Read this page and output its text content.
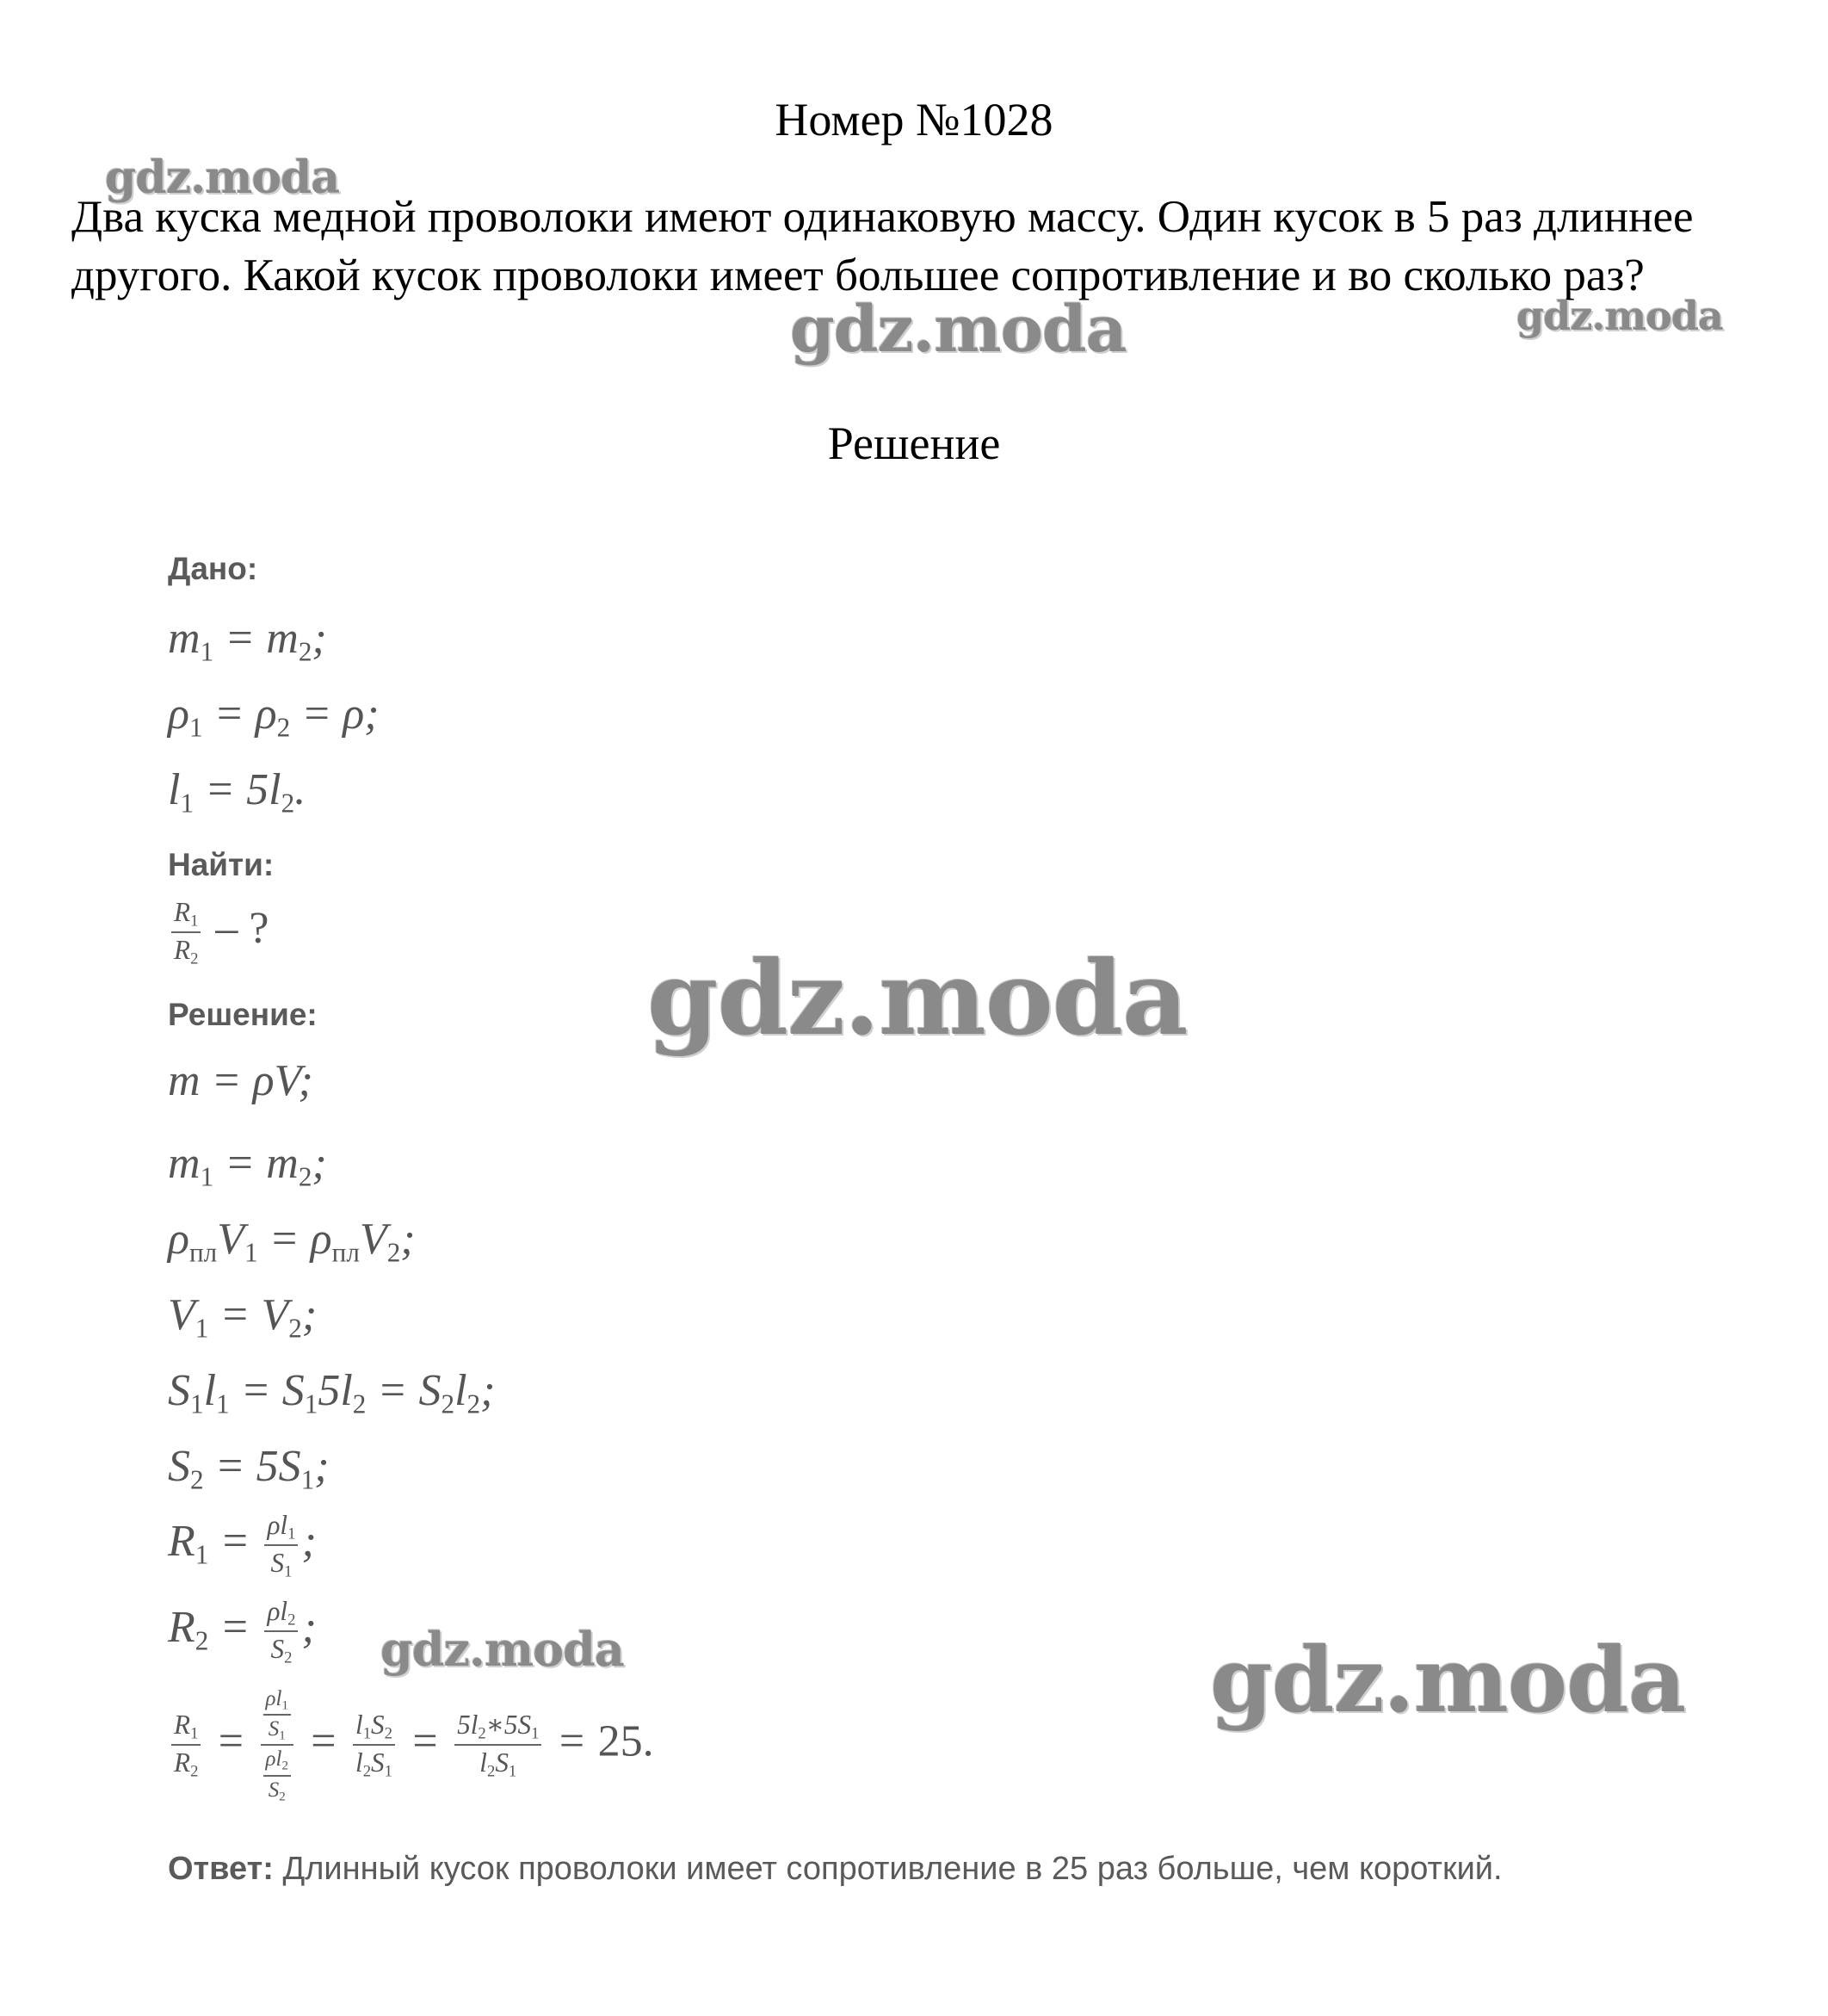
Номер №1028
Два куска медной проволоки имеют одинаковую массу. Один кусок в 5 раз длиннее другого. Какой кусок проволоки имеет большее сопротивление и во сколько раз?
Решение
Дано:
$m_1 = m_2$;
$\rho_1 = \rho_2 = \rho$;
$l_1 = 5l_2$.
Найти:
$\frac{R_1}{R_2}$ – ?
Решение:
m = ρV;
$m_1 = m_2$;
$\rho_{пл}V_1 = \rho_{пл}V_2$;
$V_1 = V_2$;
$S_1l_1 = S_15l_2 = S_2l_2$;
$S_2 = 5S_1$;
$R_1 = \frac{\rho l_1}{S_1}$ ;
$R_2 = \frac{\rho l_2}{S_2}$ ;
$\frac{R_1}{R_2} = \frac{\frac{\rho l_1}{S_1}}{\frac{\rho l_2}{S_2}} = \frac{l_1S_2}{l_2S_1} = \frac{5l_2∗5S_1}{l_2S_1} = 25$.
Ответ: Длинный кусок проволоки имеет сопротивление в 25 раз больше, чем короткий.
gdz.moda
gdz.moda	gdz.moda
gdz.moda
gdz.moda	gdz.moda
